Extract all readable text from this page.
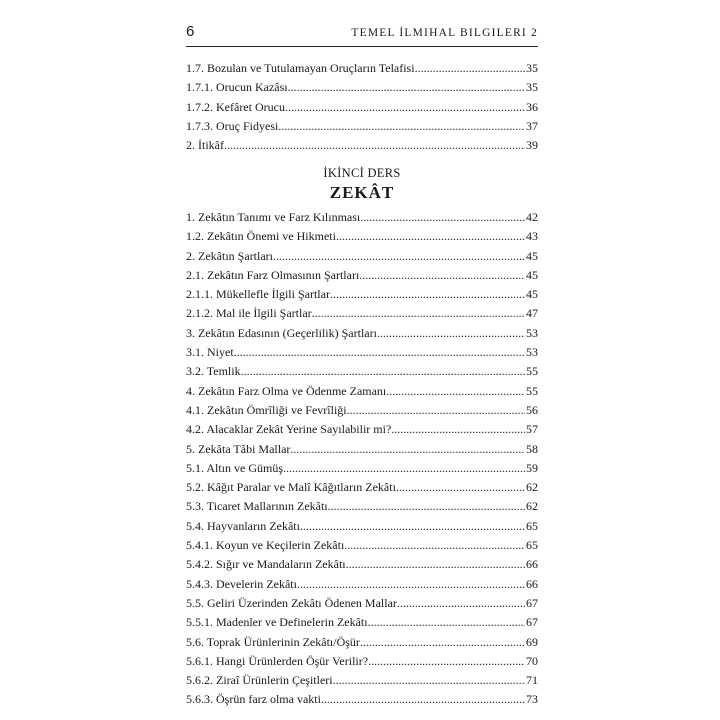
6	TEMEL İLMIHAL BILGILERI 2
1.7. Bozulan ve Tutulamayan Oruçların Telafisi .....	35
1.7.1. Orucun Kazâsı .....	35
1.7.2. Kefâret Orucu .....	36
1.7.3. Oruç Fidyesi .....	37
2. İtikâf .....	39
İKİNCİ DERS
ZEKÂT
1. Zekâtın Tanımı ve Farz Kılınması .....	42
1.2. Zekâtın Önemi ve Hikmeti .....	43
2. Zekâtın Şartları .....	45
2.1. Zekâtın Farz Olmasının Şartları .....	45
2.1.1. Mükellefle İlgili Şartlar .....	45
2.1.2. Mal ile İlgili Şartlar .....	47
3. Zekâtın Edasının (Geçerlilik) Şartları .....	53
3.1. Niyet .....	53
3.2. Temlik .....	55
4. Zekâtın Farz Olma ve Ödenme Zamanı .....	55
4.1. Zekâtın Ömrîliği ve Fevrîliği .....	56
4.2. Alacaklar Zekât Yerine Sayılabilir mi? .....	57
5. Zekâta Tâbi Mallar .....	58
5.1. Altın ve Gümüş .....	59
5.2. Kâğıt Paralar ve Malî Kâğıtların Zekâtı .....	62
5.3. Ticaret Mallarının Zekâtı .....	62
5.4. Hayvanların Zekâtı .....	65
5.4.1. Koyun ve Keçilerin Zekâtı .....	65
5.4.2. Sığır ve Mandaların Zekâtı .....	66
5.4.3. Develerin Zekâtı .....	66
5.5. Geliri Üzerinden Zekâtı Ödenen Mallar .....	67
5.5.1. Madenler ve Definelerin Zekâtı .....	67
5.6. Toprak Ürünlerinin Zekâtı/Öşür .....	69
5.6.1. Hangi Ürünlerden Öşür Verilir? .....	70
5.6.2. Ziraî Ürünlerin Çeşitleri .....	71
5.6.3. Öşrün farz olma vakti .....	73
